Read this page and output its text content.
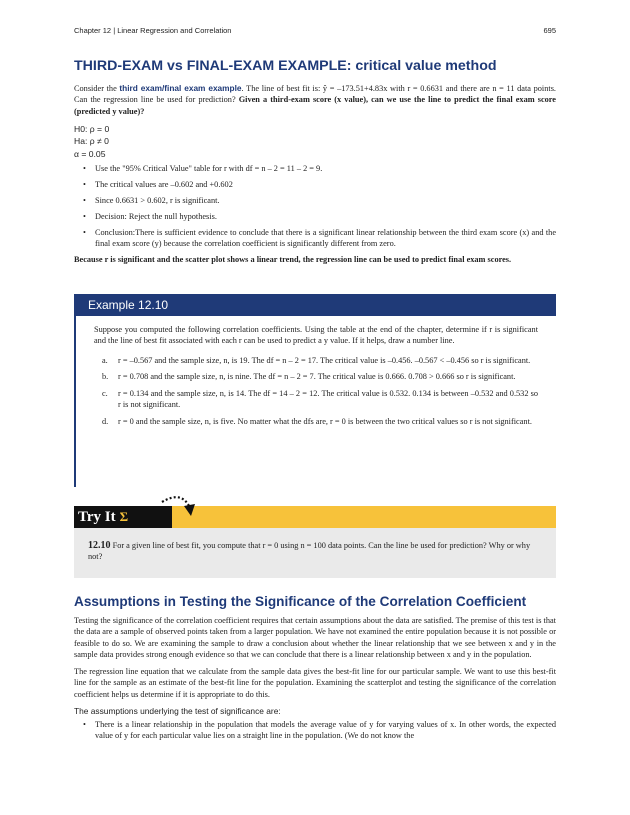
Chapter 12 | Linear Regression and Correlation	695
THIRD-EXAM vs FINAL-EXAM EXAMPLE: critical value method

Consider the third exam/final exam example. The line of best fit is: ŷ = –173.51+4.83x with r = 0.6631 and there are n = 11 data points. Can the regression line be used for prediction? Given a third-exam score (x value), can we use the line to predict the final exam score (predicted y value)?

H0: ρ = 0
Ha: ρ ≠ 0
α = 0.05
• Use the "95% Critical Value" table for r with df = n – 2 = 11 – 2 = 9.
• The critical values are –0.602 and +0.602
• Since 0.6631 > 0.602, r is significant.
• Decision: Reject the null hypothesis.
• Conclusion:There is sufficient evidence to conclude that there is a significant linear relationship between the third exam score (x) and the final exam score (y) because the correlation coefficient is significantly different from zero.

Because r is significant and the scatter plot shows a linear trend, the regression line can be used to predict final exam scores.

Example 12.10

Suppose you computed the following correlation coefficients. Using the table at the end of the chapter, determine if r is significant and the line of best fit associated with each r can be used to predict a y value. If it helps, draw a number line.

a. r = –0.567 and the sample size, n, is 19. The df = n – 2 = 17. The critical value is –0.456. –0.567 < –0.456 so r is significant.
b. r = 0.708 and the sample size, n, is nine. The df = n – 2 = 7. The critical value is 0.666. 0.708 > 0.666 so r is significant.
c. r = 0.134 and the sample size, n, is 14. The df = 14 – 2 = 12. The critical value is 0.532. 0.134 is between –0.532 and 0.532 so r is not significant.
d. r = 0 and the sample size, n, is five. No matter what the dfs are, r = 0 is between the two critical values so r is not significant.
Try It Σ

12.10 For a given line of best fit, you compute that r = 0 using n = 100 data points. Can the line be used for prediction? Why or why not?

Assumptions in Testing the Significance of the Correlation Coefficient

Testing the significance of the correlation coefficient requires that certain assumptions about the data are satisfied. The premise of this test is that the data are a sample of observed points taken from a larger population. We have not examined the entire population because it is not possible or feasible to do so. We are examining the sample to draw a conclusion about whether the linear relationship that we see between x and y in the sample data provides strong enough evidence so that we can conclude that there is a linear relationship between x and y in the population.

The regression line equation that we calculate from the sample data gives the best-fit line for our particular sample. We want to use this best-fit line for the sample as an estimate of the best-fit line for the population. Examining the scatterplot and testing the significance of the correlation coefficient helps us determine if it is appropriate to do this.

The assumptions underlying the test of significance are:
• There is a linear relationship in the population that models the average value of y for varying values of x. In other words, the expected value of y for each particular value lies on a straight line in the population. (We do not know the
